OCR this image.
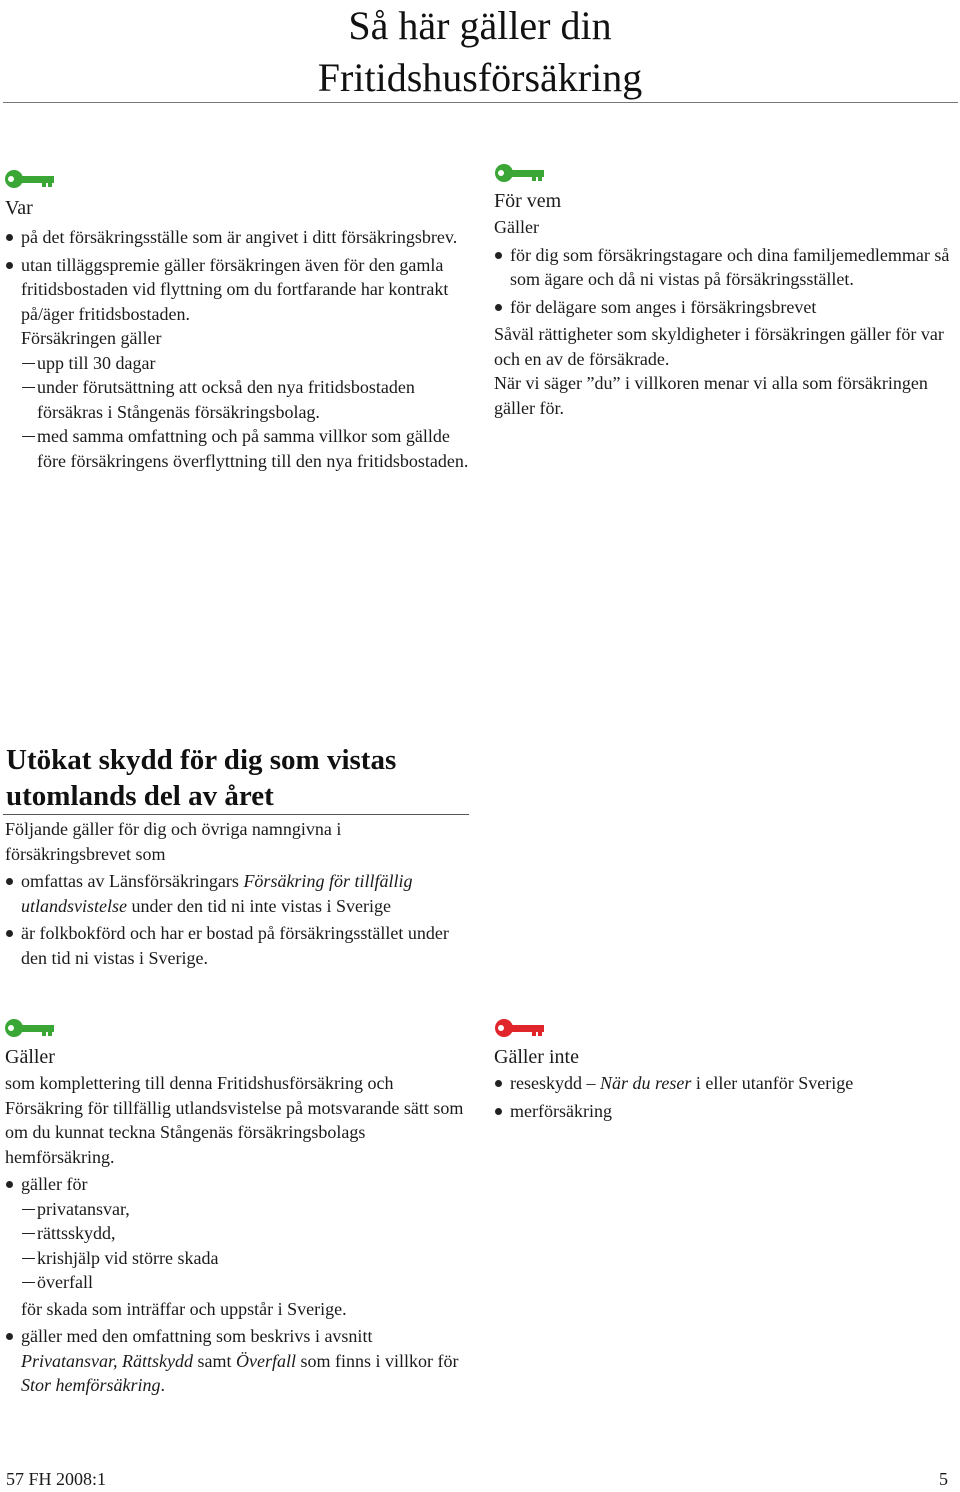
Så här gäller din
Fritidshusförsäkring

Var

på det försäkringsställe som är angivet i ditt försäkringsbrev.
utan tilläggspremie gäller försäkringen även för den gamla fritidsbostaden vid flyttning om du fortfarande har kontrakt på/äger fritidsbostaden.

Försäkringen gäller

upp till 30 dagar
under förutsättning att också den nya fritidsbostaden försäkras i Stångenäs försäkringsbolag.
med samma omfattning och på samma villkor som gällde före försäkringens överflyttning till den nya fritidsbostaden.

För vem

Gäller

för dig som försäkringstagare och dina familjemedlemmar så som ägare och då ni vistas på försäkringsstället.
för delägare som anges i försäkringsbrevet

Såväl rättigheter som skyldigheter i försäkringen gäller för var och en av de försäkrade.

När vi säger ”du” i villkoren menar vi alla som försäkringen gäller för.

Utökat skydd för dig som vistas
utomlands del av året

Följande gäller för dig och övriga namngivna i försäkringsbrevet som

omfattas av Länsförsäkringars Försäkring för tillfällig utlandsvistelse under den tid ni inte vistas i Sverige
är folkbokförd och har er bostad på försäkringsstället under den tid ni vistas i Sverige.

Gäller

som komplettering till denna Fritidshusförsäkring och Försäkring för tillfällig utlandsvistelse på motsvarande sätt som om du kunnat teckna Stångenäs försäkringsbolags hemförsäkring.

gäller för
privatansvar,
rättsskydd,
krishjälp vid större skada
överfall

för skada som inträffar och uppstår i Sverige.

gäller med den omfattning som beskrivs i avsnitt Privatansvar, Rättskydd samt Överfall som finns i villkor för Stor hemförsäkring.

Gäller inte

reseskydd – När du reser i eller utanför Sverige
merförsäkring
57 FH 2008:1	5
